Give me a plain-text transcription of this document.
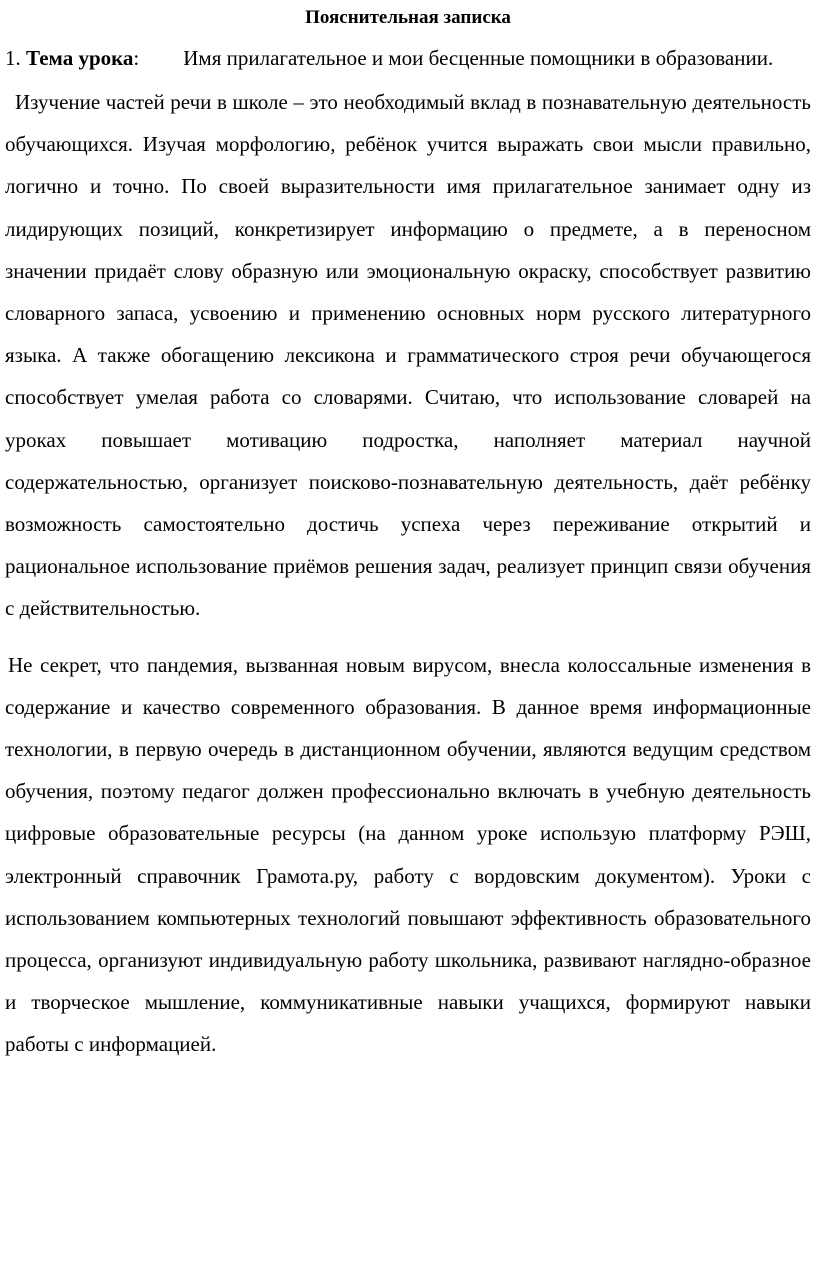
Пояснительная записка

1. Тема урока: Имя прилагательное и мои бесценные помощники в образовании.

Изучение частей речи в школе – это необходимый вклад в познавательную деятельность обучающихся. Изучая морфологию, ребёнок учится выражать свои мысли правильно, логично и точно. По своей выразительности имя прилагательное занимает одну из лидирующих позиций, конкретизирует информацию о предмете, а в переносном значении придаёт слову образную или эмоциональную окраску, способствует развитию словарного запаса, усвоению и применению основных норм русского литературного языка. А также обогащению лексикона и грамматического строя речи обучающегося способствует умелая работа со словарями. Считаю, что использование словарей на уроках повышает мотивацию подростка, наполняет материал научной содержательностью, организует поисково-познавательную деятельность, даёт ребёнку возможность самостоятельно достичь успеха через переживание открытий и рациональное использование приёмов решения задач, реализует принцип связи обучения с действительностью.

Не секрет, что пандемия, вызванная новым вирусом, внесла колоссальные изменения в содержание и качество современного образования. В данное время информационные технологии, в первую очередь в дистанционном обучении, являются ведущим средством обучения, поэтому педагог должен профессионально включать в учебную деятельность цифровые образовательные ресурсы (на данном уроке использую платформу РЭШ, электронный справочник Грамота.ру, работу с вордовским документом). Уроки с использованием компьютерных технологий повышают эффективность образовательного процесса, организуют индивидуальную работу школьника, развивают наглядно-образное и творческое мышление, коммуникативные навыки учащихся, формируют навыки работы с информацией.
